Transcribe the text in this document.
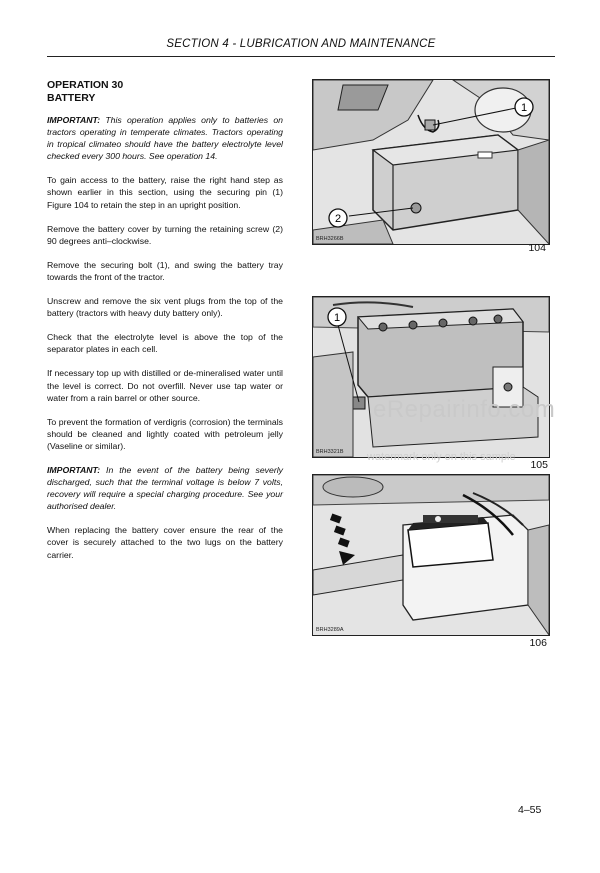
SECTION 4 - LUBRICATION AND MAINTENANCE
OPERATION 30
BATTERY

IMPORTANT: This operation applies only to batteries on tractors operating in temperate climates. Tractors operating in tropical climateo should have the battery electrolyte level checked every 300 hours. See operation 14.

To gain access to the battery, raise the right hand step as shown earlier in this section, using the securing pin (1) Figure 104 to retain the step in an upright position.

Remove the battery cover by turning the retaining screw (2) 90 degrees anti–clockwise.

Remove the securing bolt (1), and swing the battery tray towards the front of the tractor.

Unscrew and remove the six vent plugs from the top of the battery (tractors with heavy duty battery only).

Check that the electrolyte level is above the top of the separator plates in each cell.

If necessary top up with distilled or de-mineralised water until the level is correct. Do not overfill. Never use tap water or water from a rain barrel or other source.

To prevent the formation of verdigris (corrosion) the terminals should be cleaned and lightly coated with petroleum jelly (Vaseline or similar).

IMPORTANT: In the event of the battery being severly discharged, such that the terminal voltage is below 7 volts, recovery will require a special charging procedure. See your authorised dealer.

When replacing the battery cover ensure the rear of the cover is securely attached to the two lugs on the battery carrier.

1
2
BRH3266B
104
1
BRH3321B
105
BRH3289A
106
eRepairinfo.com
watermark only on this sample
4–55
